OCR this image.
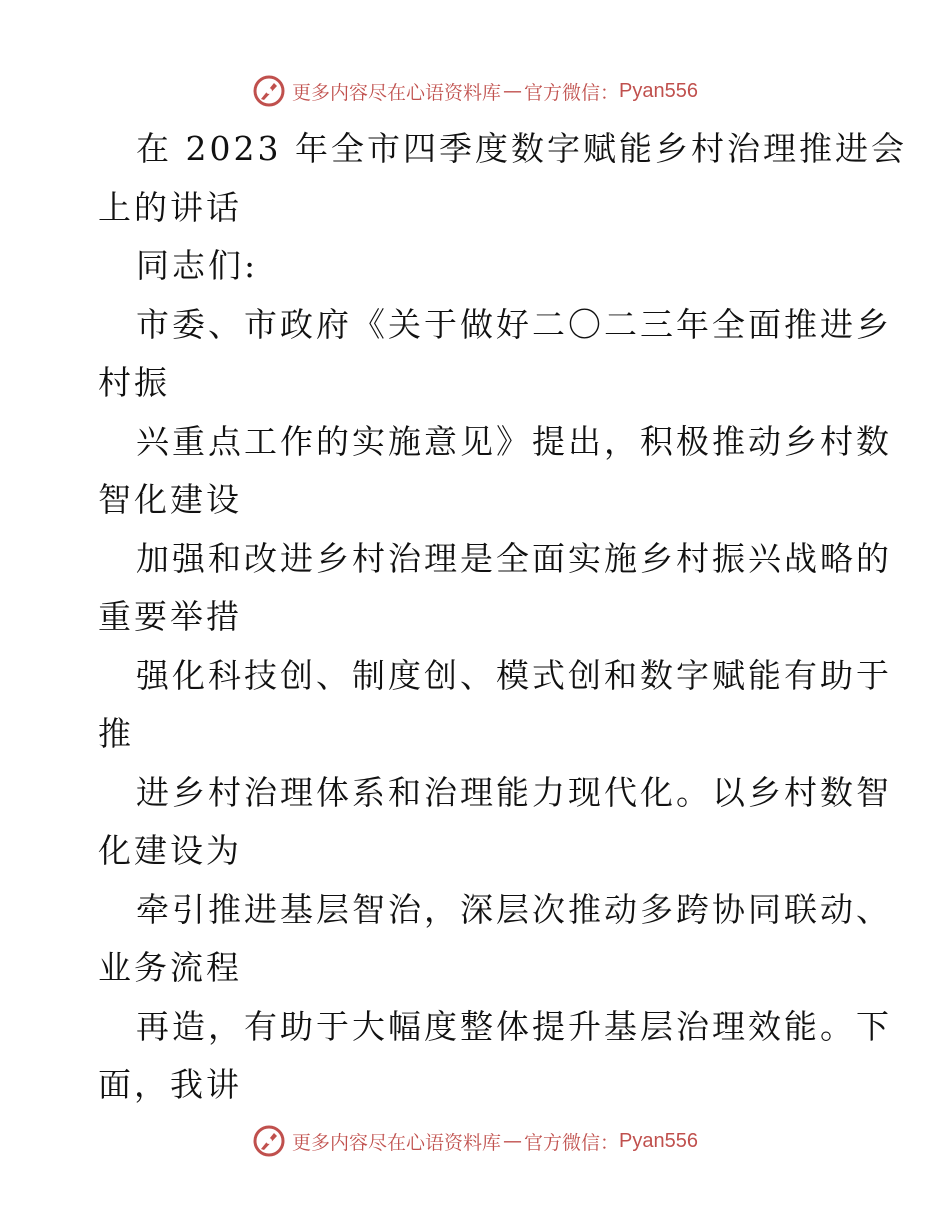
更多内容尽在心语资料库 — 官方微信： Pyan556

在 2023 年全市四季度数字赋能乡村治理推进会

上的讲话

同志们:

市委、市政府《关于做好二〇二三年全面推进乡

村振

兴重点工作的实施意见》提出，积极推动乡村数

智化建设

加强和改进乡村治理是全面实施乡村振兴战略的

重要举措

强化科技创、制度创、模式创和数字赋能有助于

推

进乡村治理体系和治理能力现代化。以乡村数智

化建设为

牵引推进基层智治，深层次推动多跨协同联动、

业务流程

再造，有助于大幅度整体提升基层治理效能。下

面，我讲

更多内容尽在心语资料库 — 官方微信： Pyan556
